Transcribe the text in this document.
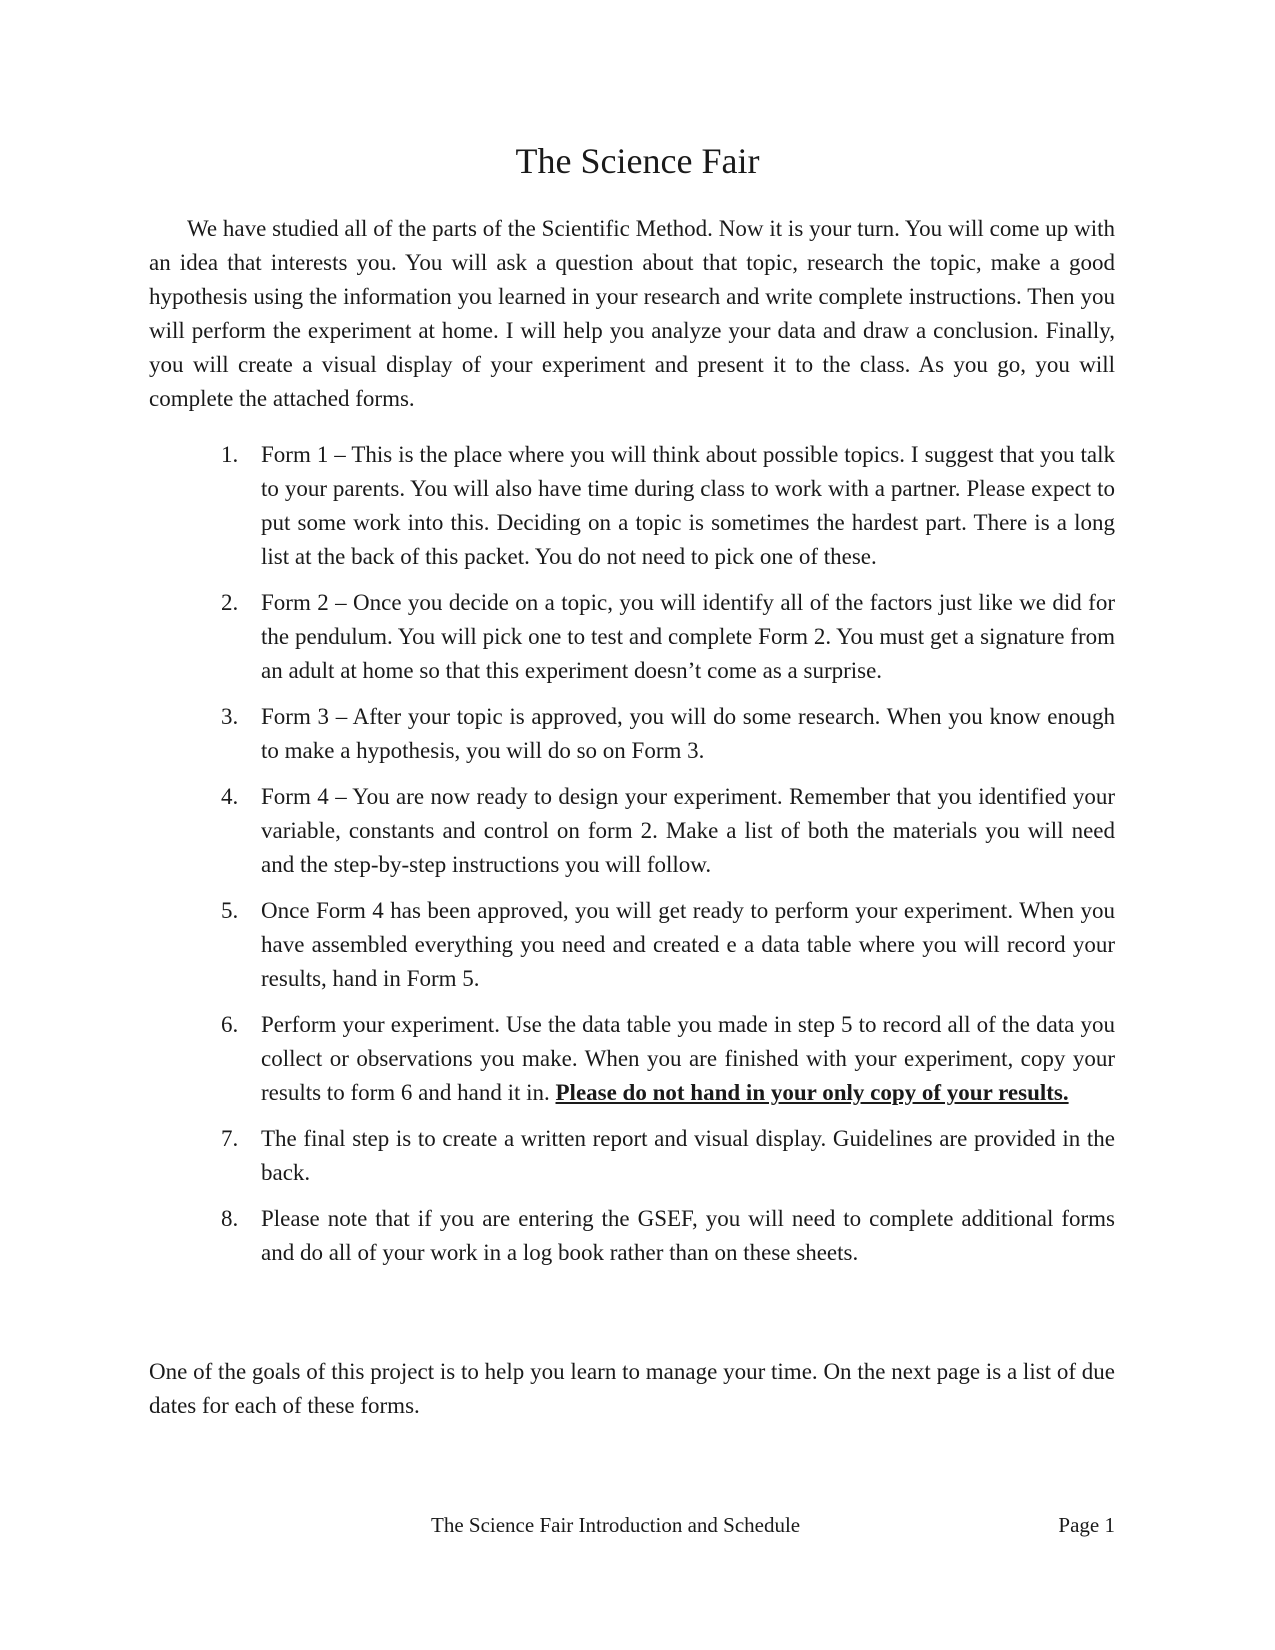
The Science Fair

We have studied all of the parts of the Scientific Method. Now it is your turn. You will come up with an idea that interests you. You will ask a question about that topic, research the topic, make a good hypothesis using the information you learned in your research and write complete instructions. Then you will perform the experiment at home. I will help you analyze your data and draw a conclusion. Finally, you will create a visual display of your experiment and present it to the class. As you go, you will complete the attached forms.

1. Form 1 – This is the place where you will think about possible topics. I suggest that you talk to your parents. You will also have time during class to work with a partner. Please expect to put some work into this. Deciding on a topic is sometimes the hardest part. There is a long list at the back of this packet. You do not need to pick one of these.
2. Form 2 – Once you decide on a topic, you will identify all of the factors just like we did for the pendulum. You will pick one to test and complete Form 2. You must get a signature from an adult at home so that this experiment doesn’t come as a surprise.
3. Form 3 – After your topic is approved, you will do some research. When you know enough to make a hypothesis, you will do so on Form 3.
4. Form 4 – You are now ready to design your experiment. Remember that you identified your variable, constants and control on form 2. Make a list of both the materials you will need and the step-by-step instructions you will follow.
5. Once Form 4 has been approved, you will get ready to perform your experiment. When you have assembled everything you need and created e a data table where you will record your results, hand in Form 5.
6. Perform your experiment. Use the data table you made in step 5 to record all of the data you collect or observations you make. When you are finished with your experiment, copy your results to form 6 and hand it in. Please do not hand in your only copy of your results.
7. The final step is to create a written report and visual display. Guidelines are provided in the back.
8. Please note that if you are entering the GSEF, you will need to complete additional forms and do all of your work in a log book rather than on these sheets.

One of the goals of this project is to help you learn to manage your time. On the next page is a list of due dates for each of these forms.

The Science Fair Introduction and Schedule	Page 1
